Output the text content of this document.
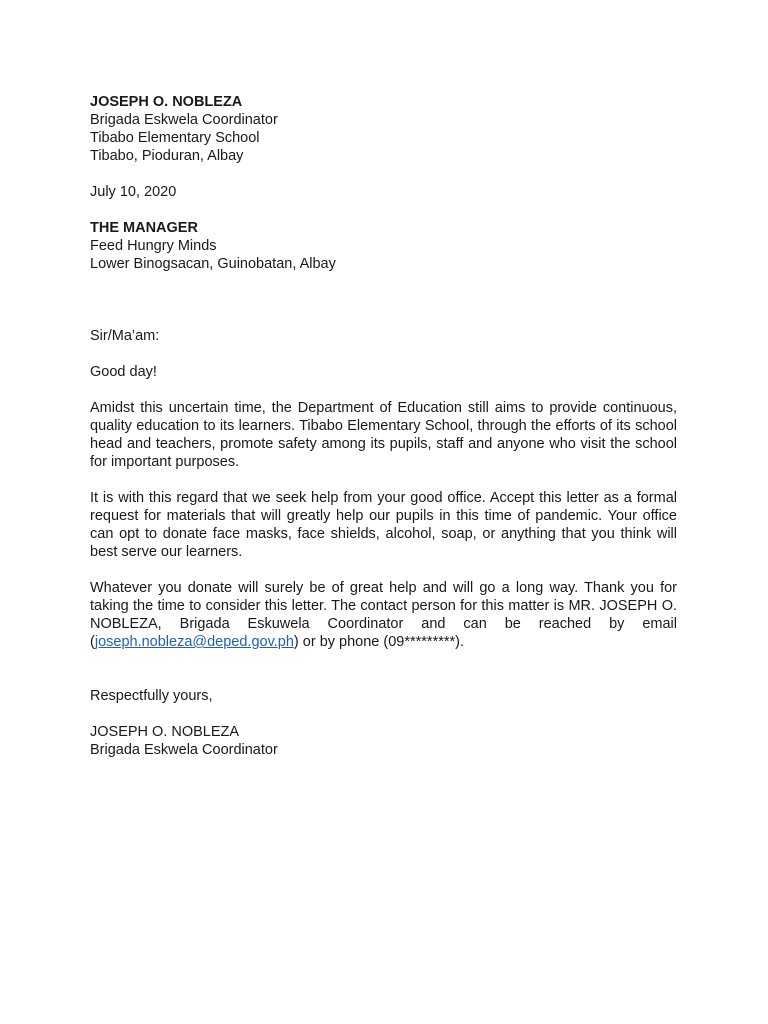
JOSEPH O. NOBLEZA
Brigada Eskwela Coordinator
Tibabo Elementary School
Tibabo, Pioduran, Albay
July 10, 2020
THE MANAGER
Feed Hungry Minds
Lower Binogsacan, Guinobatan, Albay
Sir/Ma’am:
Good day!

Amidst this uncertain time, the Department of Education still aims to provide continuous, quality education to its learners. Tibabo Elementary School, through the efforts of its school head and teachers, promote safety among its pupils, staff and anyone who visit the school for important purposes.

It is with this regard that we seek help from your good office. Accept this letter as a formal request for materials that will greatly help our pupils in this time of pandemic. Your office can opt to donate face masks, face shields, alcohol, soap, or anything that you think will best serve our learners.

Whatever you donate will surely be of great help and will go a long way. Thank you for taking the time to consider this letter. The contact person for this matter is MR. JOSEPH O. NOBLEZA, Brigada Eskuwela Coordinator and can be reached by email (joseph.nobleza@deped.gov.ph) or by phone (09*********).

Respectfully yours,
JOSEPH O. NOBLEZA
Brigada Eskwela Coordinator
